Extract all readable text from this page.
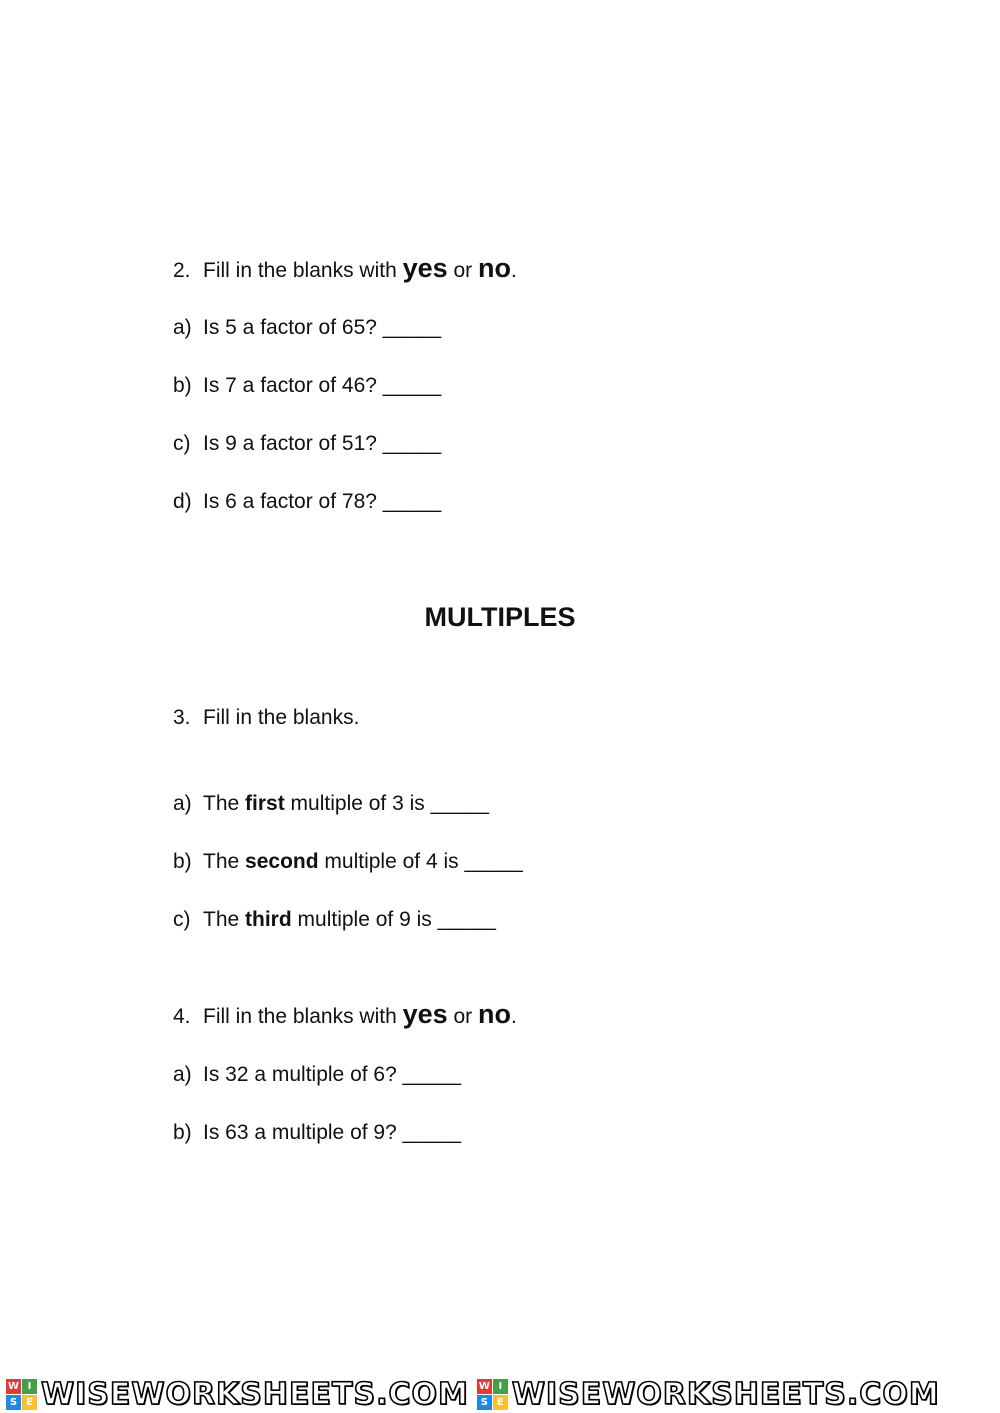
2. Fill in the blanks with yes or no .
a) Is 5 a factor of 65? _____
b) Is 7 a factor of 46? _____
c) Is 9 a factor of 51? _____
d) Is 6 a factor of 78? _____
MULTIPLES
3. Fill in the blanks.
a) The first multiple of 3 is _____
b) The second multiple of 4 is _____
c) The third multiple of 9 is _____
4. Fill in the blanks with yes or no .
a) Is 32 a multiple of 6? _____
b) Is 63 a multiple of 9? _____
W I
S E WISEWORKSHEETS.COM W I
S E WISEWORKSHEETS.COM
